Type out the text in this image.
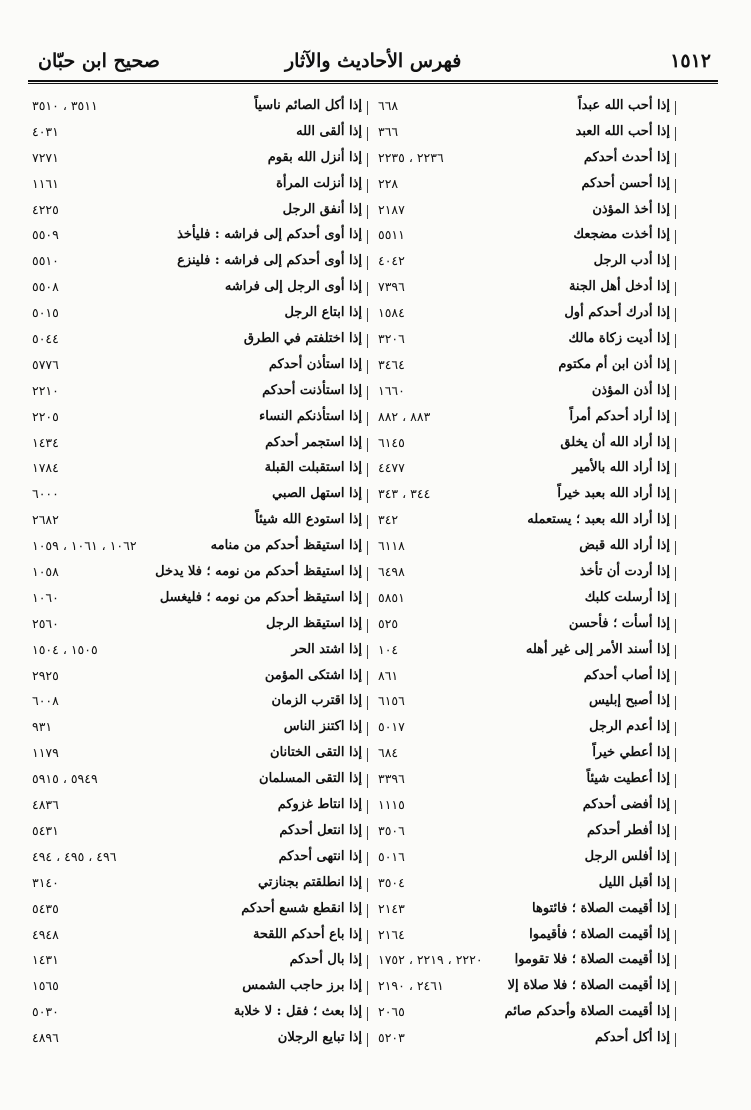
١٥١٢
فهرس الأحاديث والآثار
صحيح ابن حبّان
إذا أحب الله عبداً
٦٦٨
إذا أحب الله العبد
٣٦٦
إذا أحدث أحدكم
٢٢٣٦ ، ٢٢٣٥
إذا أحسن أحدكم
٢٢٨
إذا أخذ المؤذن
٢١٨٧
إذا أخذت مضجعك
٥٥١١
إذا أدب الرجل
٤٠٤٢
إذا أدخل أهل الجنة
٧٣٩٦
إذا أدرك أحدكم أول
١٥٨٤
إذا أديت زكاة مالك
٣٢٠٦
إذا أذن ابن أم مكتوم
٣٤٦٤
إذا أذن المؤذن
١٦٦٠
إذا أراد أحدكم أمراً
٨٨٣ ، ٨٨٢
إذا أراد الله أن يخلق
٦١٤٥
إذا أراد الله بالأمير
٤٤٧٧
إذا أراد الله بعبد خيراً
٣٤٤ ، ٣٤٣
إذا أراد الله بعبد ؛ يستعمله
٣٤٢
إذا أراد الله قبض
٦١١٨
إذا أردت أن تأخذ
٦٤٩٨
إذا أرسلت كلبك
٥٨٥١
إذا أسأت ؛ فأحسن
٥٢٥
إذا أسند الأمر إلى غير أهله
١٠٤
إذا أصاب أحدكم
٨٦١
إذا أصبح إبليس
٦١٥٦
إذا أعدم الرجل
٥٠١٧
إذا أعطي خيراً
٦٨٤
إذا أعطيت شيئاً
٣٣٩٦
إذا أفضى أحدكم
١١١٥
إذا أفطر أحدكم
٣٥٠٦
إذا أفلس الرجل
٥٠١٦
إذا أقبل الليل
٣٥٠٤
إذا أقيمت الصلاة ؛ فائتوها
٢١٤٣
إذا أقيمت الصلاة ؛ فأقيموا
٢١٦٤
إذا أقيمت الصلاة ؛ فلا تقوموا
٢٢٢٠ ، ٢٢١٩ ، ١٧٥٢
إذا أقيمت الصلاة ؛ فلا صلاة إلا
٢٤٦١ ، ٢١٩٠
إذا أقيمت الصلاة وأحدكم صائم
٢٠٦٥
إذا أكل أحدكم
٥٢٠٣
إذا أكل الصائم ناسياً
٣٥١١ ، ٣٥١٠
إذا ألقى الله
٤٠٣١
إذا أنزل الله بقوم
٧٢٧١
إذا أنزلت المرأة
١١٦١
إذا أنفق الرجل
٤٢٢٥
إذا أوى أحدكم إلى فراشه : فليأخذ
٥٥٠٩
إذا أوى أحدكم إلى فراشه : فلينزع
٥٥١٠
إذا أوى الرجل إلى فراشه
٥٥٠٨
إذا ابتاع الرجل
٥٠١٥
إذا اختلفتم في الطرق
٥٠٤٤
إذا استأذن أحدكم
٥٧٧٦
إذا استأذنت أحدكم
٢٢١٠
إذا استأذنكم النساء
٢٢٠٥
إذا استجمر أحدكم
١٤٣٤
إذا استقبلت القبلة
١٧٨٤
إذا استهل الصبي
٦٠٠٠
إذا استودع الله شيئاً
٢٦٨٢
إذا استيقظ أحدكم من منامه
١٠٦٢ ، ١٠٦١ ، ١٠٥٩
إذا استيقظ أحدكم من نومه ؛ فلا يدخل
١٠٥٨
إذا استيقظ أحدكم من نومه ؛ فليغسل
١٠٦٠
إذا استيقظ الرجل
٢٥٦٠
إذا اشتد الحر
١٥٠٥ ، ١٥٠٤
إذا اشتكى المؤمن
٢٩٢٥
إذا اقترب الزمان
٦٠٠٨
إذا اكتنز الناس
٩٣١
إذا التقى الختانان
١١٧٩
إذا التقى المسلمان
٥٩٤٩ ، ٥٩١٥
إذا انتاط غزوكم
٤٨٣٦
إذا انتعل أحدكم
٥٤٣١
إذا انتهى أحدكم
٤٩٦ ، ٤٩٥ ، ٤٩٤
إذا انطلقتم بجنازتي
٣١٤٠
إذا انقطع شسع أحدكم
٥٤٣٥
إذا باع أحدكم اللقحة
٤٩٤٨
إذا بال أحدكم
١٤٣١
إذا برز حاجب الشمس
١٥٦٥
إذا بعث ؛ فقل : لا خلابة
٥٠٣٠
إذا تبايع الرجلان
٤٨٩٦
